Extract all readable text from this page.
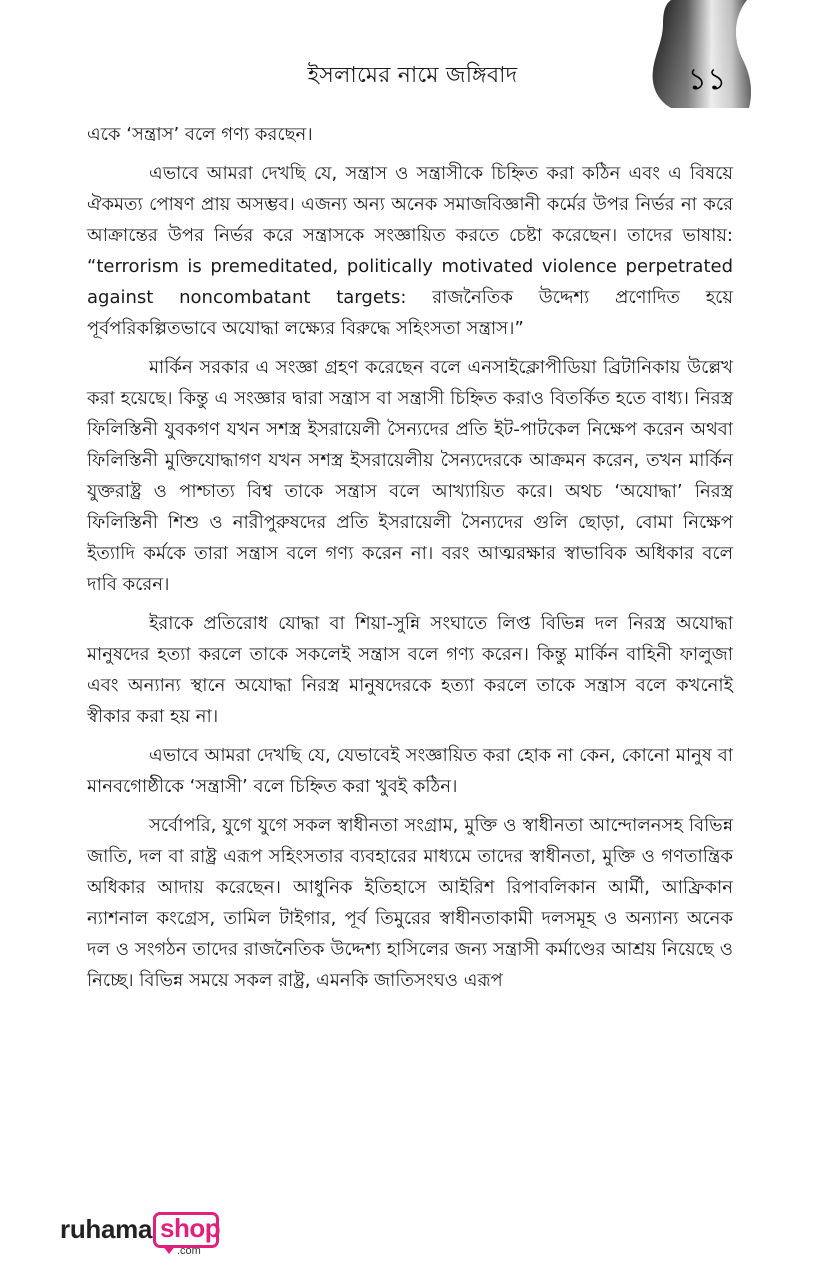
১১
ইসলামের নামে জঙ্গিবাদ

একে ‘সন্ত্রাস’ বলে গণ্য করছেন।

এভাবে আমরা দেখছি যে, সন্ত্রাস ও সন্ত্রাসীকে চিহ্নিত করা কঠিন এবং এ বিষয়ে ঐকমত্য পোষণ প্রায় অসম্ভব। এজন্য অন্য অনেক সমাজবিজ্ঞানী কর্মের উপর নির্ভর না করে আক্রান্তের উপর নির্ভর করে সন্ত্রাসকে সংজ্ঞায়িত করতে চেষ্টা করেছেন। তাদের ভাষায়: “terrorism is premeditated, politically motivated violence perpetrated against noncombatant targets: রাজনৈতিক উদ্দেশ্য প্রণোদিত হয়ে পূর্বপরিকল্পিতভাবে অযোদ্ধা লক্ষ্যের বিরুদ্ধে সহিংসতা সন্ত্রাস।”

মার্কিন সরকার এ সংজ্ঞা গ্রহণ করেছেন বলে এনসাইক্লোপীডিয়া ব্রিটানিকায় উল্লেখ করা হয়েছে। কিন্তু এ সংজ্ঞার দ্বারা সন্ত্রাস বা সন্ত্রাসী চিহ্নিত করাও বিতর্কিত হতে বাধ্য। নিরস্ত্র ফিলিস্তিনী যুবকগণ যখন সশস্ত্র ইসরায়েলী সৈন্যদের প্রতি ইট-পাটকেল নিক্ষেপ করেন অথবা ফিলিস্তিনী মুক্তিযোদ্ধাগণ যখন সশস্ত্র ইসরায়েলীয় সৈন্যদেরকে আক্রমন করেন, তখন মার্কিন যুক্তরাষ্ট্র ও পাশ্চাত্য বিশ্ব তাকে সন্ত্রাস বলে আখ্যায়িত করে। অথচ ‘অযোদ্ধা’ নিরস্ত্র ফিলিস্তিনী শিশু ও নারীপুরুষদের প্রতি ইসরায়েলী সৈন্যদের গুলি ছোড়া, বোমা নিক্ষেপ ইত্যাদি কর্মকে তারা সন্ত্রাস বলে গণ্য করেন না। বরং আত্মরক্ষার স্বাভাবিক অধিকার বলে দাবি করেন।

ইরাকে প্রতিরোধ যোদ্ধা বা শিয়া-সুন্নি সংঘাতে লিপ্ত বিভিন্ন দল নিরস্ত্র অযোদ্ধা মানুষদের হত্যা করলে তাকে সকলেই সন্ত্রাস বলে গণ্য করেন। কিন্তু মার্কিন বাহিনী ফালুজা এবং অন্যান্য স্থানে অযোদ্ধা নিরস্ত্র মানুষদেরকে হত্যা করলে তাকে সন্ত্রাস বলে কখনোই স্বীকার করা হয় না।

এভাবে আমরা দেখছি যে, যেভাবেই সংজ্ঞায়িত করা হোক না কেন, কোনো মানুষ বা মানবগোষ্ঠীকে ‘সন্ত্রাসী’ বলে চিহ্নিত করা খুবই কঠিন।

সর্বোপরি, যুগে যুগে সকল স্বাধীনতা সংগ্রাম, মুক্তি ও স্বাধীনতা আন্দোলনসহ বিভিন্ন জাতি, দল বা রাষ্ট্র এরূপ সহিংসতার ব্যবহারের মাধ্যমে তাদের স্বাধীনতা, মুক্তি ও গণতান্ত্রিক অধিকার আদায় করেছেন। আধুনিক ইতিহাসে আইরিশ রিপাবলিকান আর্মী, আফ্রিকান ন্যাশনাল কংগ্রেস, তামিল টাইগার, পূর্ব তিমুরের স্বাধীনতাকামী দলসমূহ ও অন্যান্য অনেক দল ও সংগঠন তাদের রাজনৈতিক উদ্দেশ্য হাসিলের জন্য সন্ত্রাসী কর্মাণ্ডের আশ্রয় নিয়েছে ও নিচ্ছে। বিভিন্ন সময়ে সকল রাষ্ট্র, এমনকি জাতিসংঘও এরূপ

ruhama shop
.com
